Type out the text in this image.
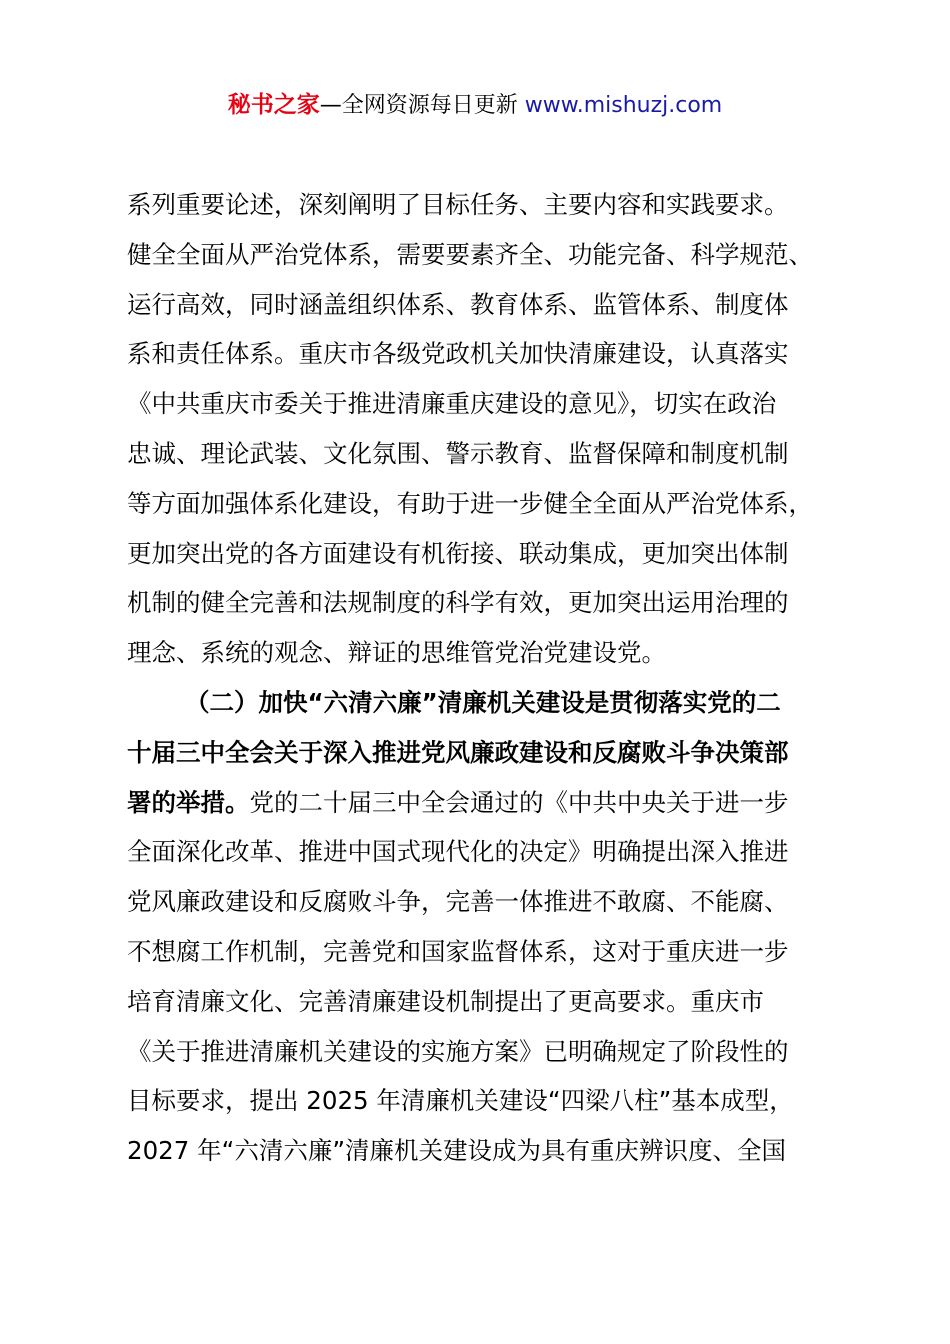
秘书之家—全网资源每日更新 www.mishuzj.com
系列重要论述，深刻阐明了目标任务、主要内容和实践要求。
健全全面从严治党体系，需要要素齐全、功能完备、科学规范、
运行高效，同时涵盖组织体系、教育体系、监管体系、制度体
系和责任体系。重庆市各级党政机关加快清廉建设，认真落实
《中共重庆市委关于推进清廉重庆建设的意见》，切实在政治
忠诚、理论武装、文化氛围、警示教育、监督保障和制度机制
等方面加强体系化建设，有助于进一步健全全面从严治党体系，
更加突出党的各方面建设有机衔接、联动集成，更加突出体制
机制的健全完善和法规制度的科学有效，更加突出运用治理的
理念、系统的观念、辩证的思维管党治党建设党。
（二）加快“六清六廉”清廉机关建设是贯彻落实党的二
十届三中全会关于深入推进党风廉政建设和反腐败斗争决策部
署的举措。党的二十届三中全会通过的《中共中央关于进一步
全面深化改革、推进中国式现代化的决定》明确提出深入推进
党风廉政建设和反腐败斗争，完善一体推进不敢腐、不能腐、
不想腐工作机制，完善党和国家监督体系，这对于重庆进一步
培育清廉文化、完善清廉建设机制提出了更高要求。重庆市
《关于推进清廉机关建设的实施方案》已明确规定了阶段性的
目标要求，提出 2025 年清廉机关建设“四梁八柱”基本成型，
2027 年“六清六廉”清廉机关建设成为具有重庆辨识度、全国
